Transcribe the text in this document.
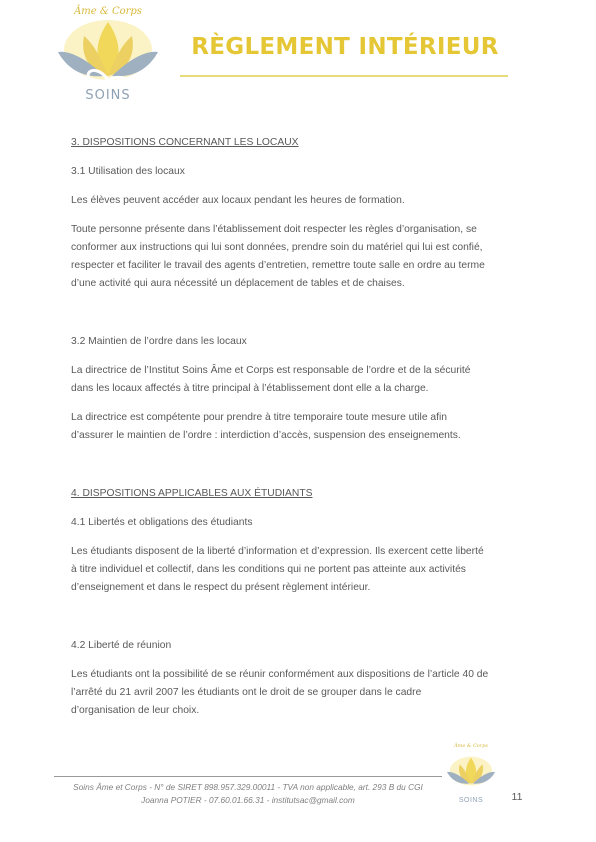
Âme & Corps
SOINS
RÈGLEMENT INTÉRIEUR

3. DISPOSITIONS CONCERNANT LES LOCAUX

3.1 Utilisation des locaux

Les élèves peuvent accéder aux locaux pendant les heures de formation.

Toute personne présente dans l’établissement doit respecter les règles d’organisation, se

conformer aux instructions qui lui sont données, prendre soin du matériel qui lui est confié,

respecter et faciliter le travail des agents d’entretien, remettre toute salle en ordre au terme

d’une activité qui aura nécessité un déplacement de tables et de chaises.

3.2 Maintien de l’ordre dans les locaux

La directrice de l’Institut Soins Âme et Corps est responsable de l’ordre et de la sécurité

dans les locaux affectés à titre principal à l’établissement dont elle a la charge.

La directrice est compétente pour prendre à titre temporaire toute mesure utile afin

d’assurer le maintien de l’ordre : interdiction d’accès, suspension des enseignements.

4. DISPOSITIONS APPLICABLES AUX ÉTUDIANTS

4.1 Libertés et obligations des étudiants

Les étudiants disposent de la liberté d’information et d’expression. Ils exercent cette liberté

à titre individuel et collectif, dans les conditions qui ne portent pas atteinte aux activités

d’enseignement et dans le respect du présent règlement intérieur.

4.2 Liberté de réunion

Les étudiants ont la possibilité de se réunir conformément aux dispositions de l’article 40 de

l’arrêté du 21 avril 2007 les étudiants ont le droit de se grouper dans le cadre

d’organisation de leur choix.

Soins Âme et Corps - N° de SIRET 898.957.329.00011 - TVA non applicable, art. 293 B du CGI
Joanna POTIER - 07.60.01.66.31 - institutsac@gmail.com
Âme & Corps
SOINS	11
